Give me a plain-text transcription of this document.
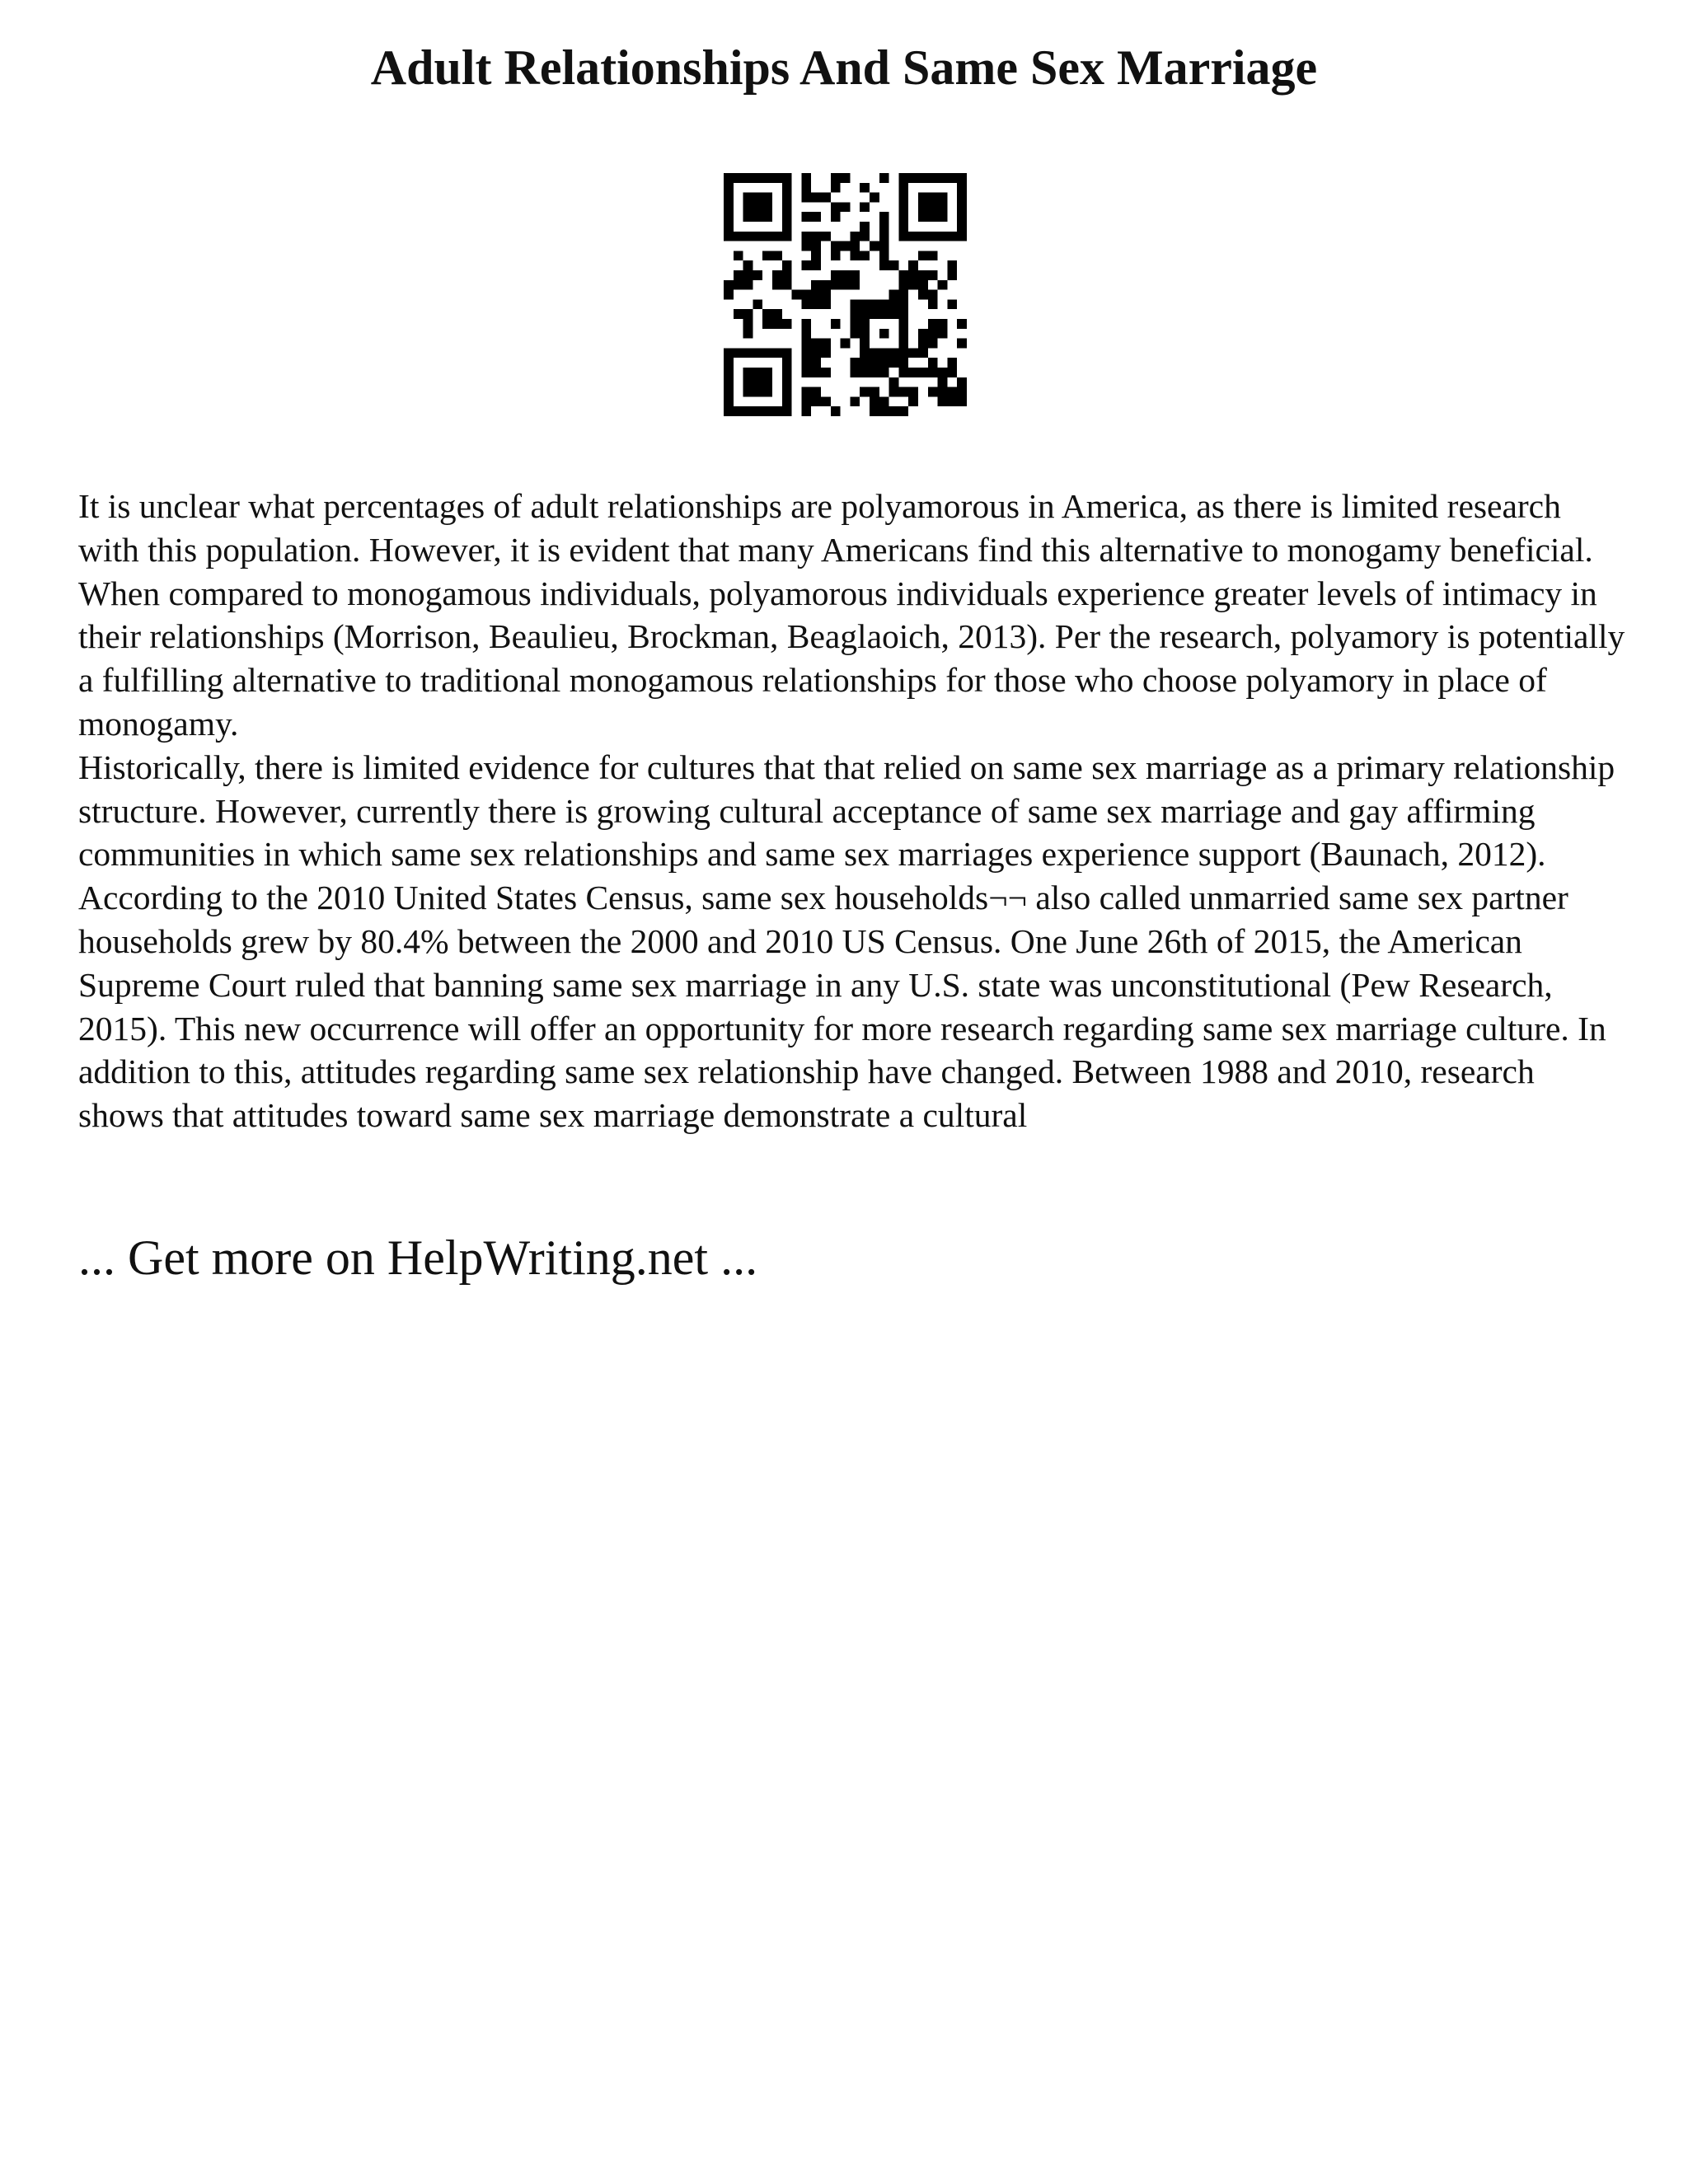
Adult Relationships And Same Sex Marriage

It is unclear what percentages of adult relationships are polyamorous in America, as there is limited research with this population. However, it is evident that many Americans find this alternative to monogamy beneficial. When compared to monogamous individuals, polyamorous individuals experience greater levels of intimacy in their relationships (Morrison, Beaulieu, Brockman, Beaglaoich, 2013). Per the research, polyamory is potentially a fulfilling alternative to traditional monogamous relationships for those who choose polyamory in place of monogamy.

Historically, there is limited evidence for cultures that that relied on same sex marriage as a primary relationship structure. However, currently there is growing cultural acceptance of same sex marriage and gay affirming communities in which same sex relationships and same sex marriages experience support (Baunach, 2012). According to the 2010 United States Census, same sex households¬¬ also called unmarried same sex partner households grew by 80.4% between the 2000 and 2010 US Census. One June 26th of 2015, the American Supreme Court ruled that banning same sex marriage in any U.S. state was unconstitutional (Pew Research, 2015). This new occurrence will offer an opportunity for more research regarding same sex marriage culture. In addition to this, attitudes regarding same sex relationship have changed. Between 1988 and 2010, research shows that attitudes toward same sex marriage demonstrate a cultural

... Get more on HelpWriting.net ...
